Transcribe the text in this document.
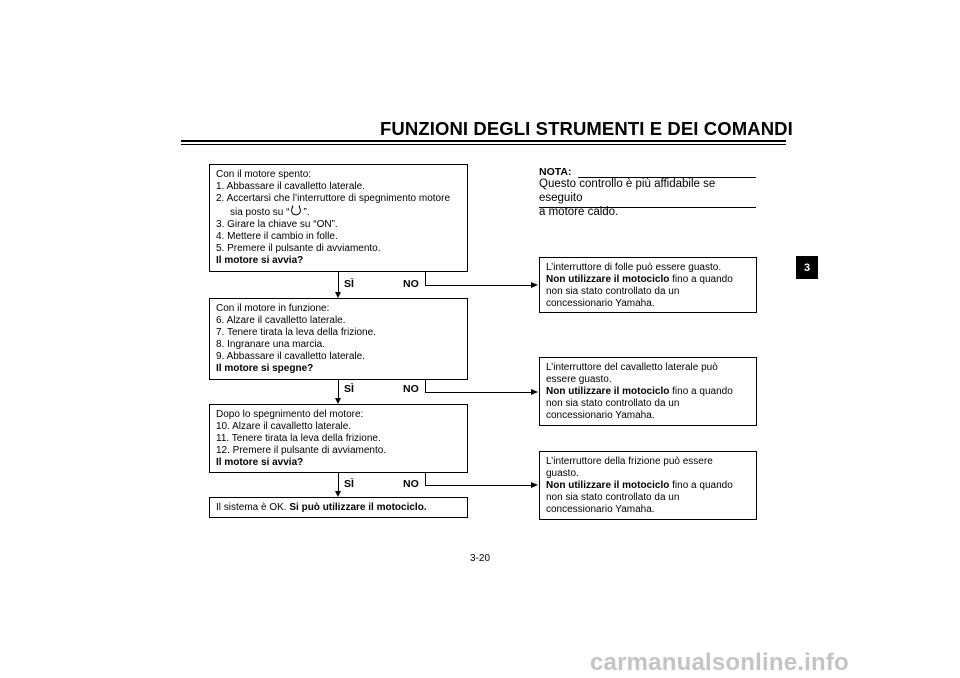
FUNZIONI DEGLI STRUMENTI E DEI COMANDI
3
Con il motore spento:
1. Abbassare il cavalletto laterale.
2. Accertarsi che l’interruttore di spegnimento motore
sia posto su “ ”.
3. Girare la chiave su “ON”.
4. Mettere il cambio in folle.
5. Premere il pulsante di avviamento.
Il motore si avvia?
Con il motore in funzione:
6. Alzare il cavalletto laterale.
7. Tenere tirata la leva della frizione.
8. Ingranare una marcia.
9. Abbassare il cavalletto laterale.
Il motore si spegne?
Dopo lo spegnimento del motore:
10. Alzare il cavalletto laterale.
11. Tenere tirata la leva della frizione.
12. Premere il pulsante di avviamento.
Il motore si avvia?
Il sistema è OK. Si può utilizzare il motociclo.
SÌ	NO
SÌ	NO
SÌ	NO
L’interruttore di folle può essere guasto.
Non utilizzare il motociclo fino a quando
non sia stato controllato da un
concessionario Yamaha.
L’interruttore del cavalletto laterale può
essere guasto.
Non utilizzare il motociclo fino a quando
non sia stato controllato da un
concessionario Yamaha.
L’interruttore della frizione può essere
guasto.
Non utilizzare il motociclo fino a quando
non sia stato controllato da un
concessionario Yamaha.
NOTA:
Questo controllo è più affidabile se eseguito
a motore caldo.
3-20
carmanualsonline.info
